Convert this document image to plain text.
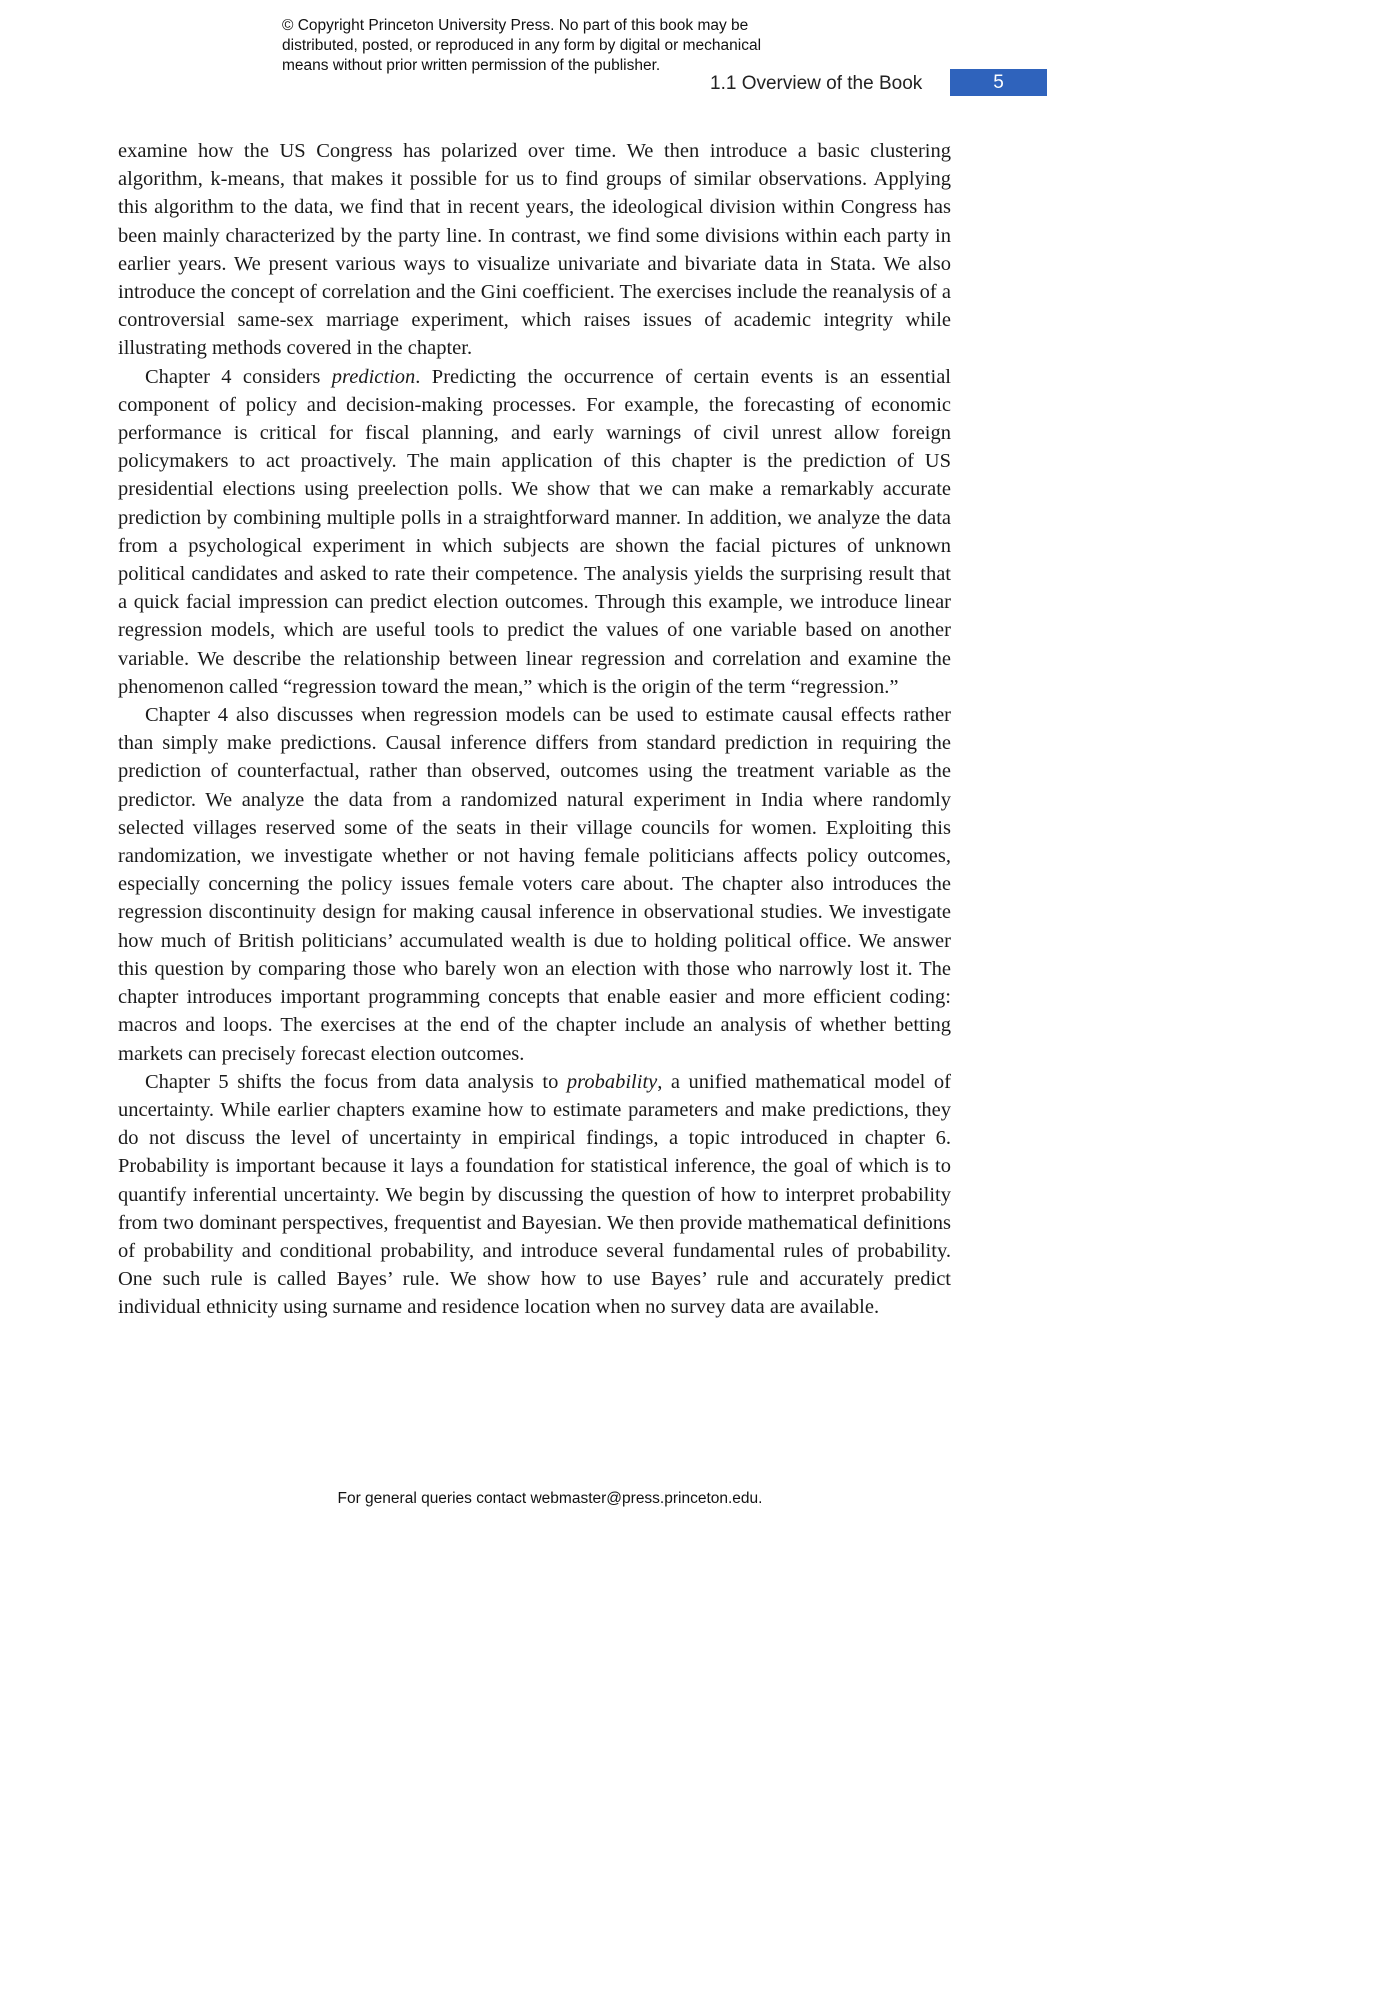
© Copyright Princeton University Press. No part of this book may be
distributed, posted, or reproduced in any form by digital or mechanical
means without prior written permission of the publisher.
1.1 Overview of the Book	5

examine how the US Congress has polarized over time. We then introduce a basic clustering algorithm, k-means, that makes it possible for us to find groups of similar observations. Applying this algorithm to the data, we find that in recent years, the ideological division within Congress has been mainly characterized by the party line. In contrast, we find some divisions within each party in earlier years. We present various ways to visualize univariate and bivariate data in Stata. We also introduce the concept of correlation and the Gini coefficient. The exercises include the reanalysis of a controversial same-sex marriage experiment, which raises issues of academic integrity while illustrating methods covered in the chapter.

Chapter 4 considers prediction. Predicting the occurrence of certain events is an essential component of policy and decision-making processes. For example, the forecasting of economic performance is critical for fiscal planning, and early warnings of civil unrest allow foreign policymakers to act proactively. The main application of this chapter is the prediction of US presidential elections using preelection polls. We show that we can make a remarkably accurate prediction by combining multiple polls in a straightforward manner. In addition, we analyze the data from a psychological experiment in which subjects are shown the facial pictures of unknown political candidates and asked to rate their competence. The analysis yields the surprising result that a quick facial impression can predict election outcomes. Through this example, we introduce linear regression models, which are useful tools to predict the values of one variable based on another variable. We describe the relationship between linear regression and correlation and examine the phenomenon called “regression toward the mean,” which is the origin of the term “regression.”

Chapter 4 also discusses when regression models can be used to estimate causal effects rather than simply make predictions. Causal inference differs from standard prediction in requiring the prediction of counterfactual, rather than observed, outcomes using the treatment variable as the predictor. We analyze the data from a randomized natural experiment in India where randomly selected villages reserved some of the seats in their village councils for women. Exploiting this randomization, we investigate whether or not having female politicians affects policy outcomes, especially concerning the policy issues female voters care about. The chapter also introduces the regression discontinuity design for making causal inference in observational studies. We investigate how much of British politicians’ accumulated wealth is due to holding political office. We answer this question by comparing those who barely won an election with those who narrowly lost it. The chapter introduces important programming concepts that enable easier and more efficient coding: macros and loops. The exercises at the end of the chapter include an analysis of whether betting markets can precisely forecast election outcomes.

Chapter 5 shifts the focus from data analysis to probability, a unified mathematical model of uncertainty. While earlier chapters examine how to estimate parameters and make predictions, they do not discuss the level of uncertainty in empirical findings, a topic introduced in chapter 6. Probability is important because it lays a foundation for statistical inference, the goal of which is to quantify inferential uncertainty. We begin by discussing the question of how to interpret probability from two dominant perspectives, frequentist and Bayesian. We then provide mathematical definitions of probability and conditional probability, and introduce several fundamental rules of probability. One such rule is called Bayes’ rule. We show how to use Bayes’ rule and accurately predict individual ethnicity using surname and residence location when no survey data are available.

For general queries contact webmaster@press.princeton.edu.
